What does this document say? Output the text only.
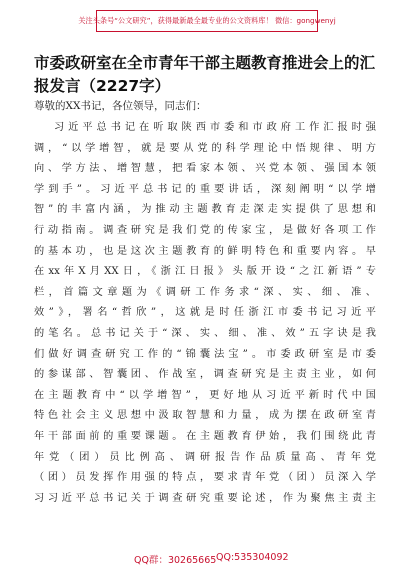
关注头条号“公文研究”，获得最新最全最专业的公文资料库！ 微信：gongwenyj
市委政研室在全市青年干部主题教育推进会上的汇报发言（2227字）
尊敬的XX书记，各位领导，同志们：
习近平总书记在听取陕西市委和市政府工作汇报时强
调，“以学增智，就是要从党的科学理论中悟规律、明方
向、学方法、增智慧，把看家本领、兴党本领、强国本领
学到手”。习近平总书记的重要讲话，深刻阐明“以学增
智”的丰富内涵，为推动主题教育走深走实提供了思想和
行动指南。调查研究是我们党的传家宝，是做好各项工作
的基本功，也是这次主题教育的鲜明特色和重要内容。早
在xx年X月XX日，《浙江日报》头版开设“之江新语”专
栏，首篇文章题为《调研工作务求“深、实、细、准、
效”》，署名“哲欣”，这就是时任浙江市委书记习近平
的笔名。总书记关于“深、实、细、准、效”五字诀是我
们做好调查研究工作的“锦囊法宝”。市委政研室是市委
的参谋部、智囊团、作战室，调查研究是主责主业，如何
在主题教育中“以学增智”，更好地从习近平新时代中国
特色社会主义思想中汲取智慧和力量，成为摆在政研室青
年干部面前的重要课题。在主题教育伊始，我们围绕此青
年党（团）员比例高、调研报告作品质量高、青年党
（团）员发挥作用强的特点，要求青年党（团）员深入学
习习近平总书记关于调查研究重要论述，作为聚焦主责主
QQ群：30265665 QQ:535304092
